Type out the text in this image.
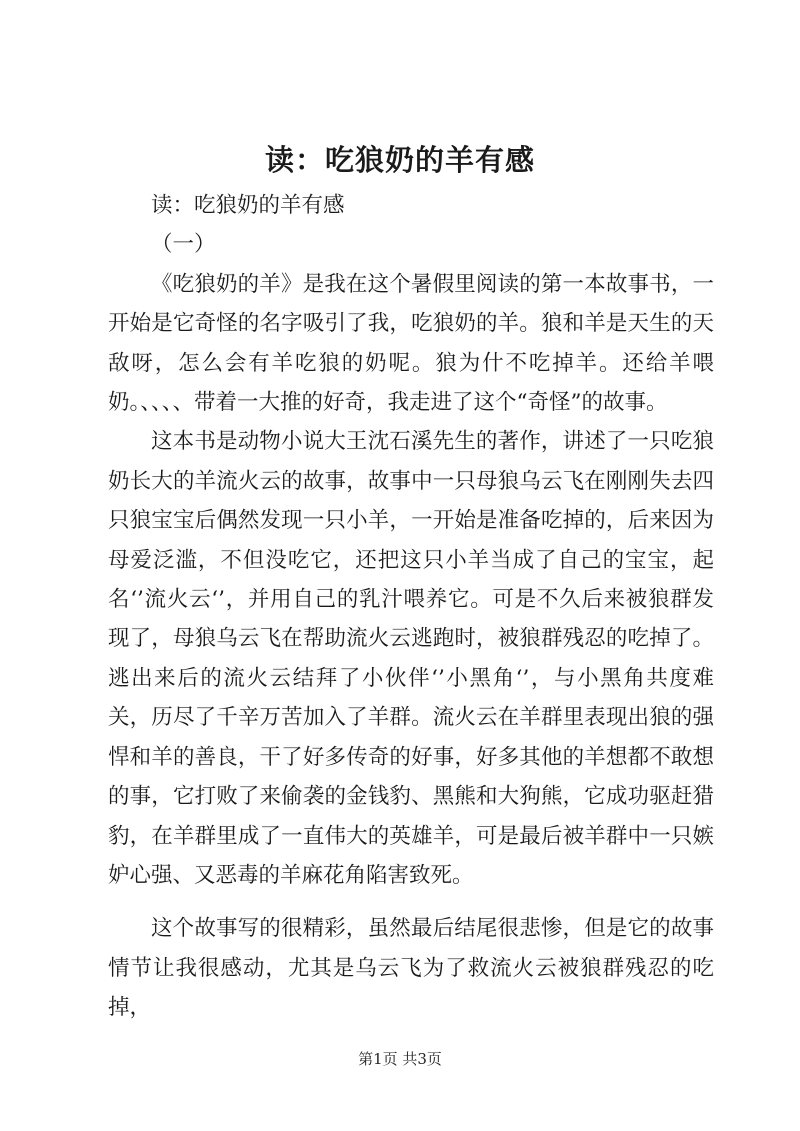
读：吃狼奶的羊有感

读：吃狼奶的羊有感

（一）

《吃狼奶的羊》是我在这个暑假里阅读的第一本故事书，一开始是它奇怪的名字吸引了我，吃狼奶的羊。狼和羊是天生的天敌呀，怎么会有羊吃狼的奶呢。狼为什不吃掉羊。还给羊喂奶。、、、、带着一大推的好奇，我走进了这个“奇怪”的故事。

这本书是动物小说大王沈石溪先生的著作，讲述了一只吃狼奶长大的羊流火云的故事，故事中一只母狼乌云飞在刚刚失去四只狼宝宝后偶然发现一只小羊，一开始是准备吃掉的，后来因为母爱泛滥，不但没吃它，还把这只小羊当成了自己的宝宝，起名‘’流火云‘’，并用自己的乳汁喂养它。可是不久后来被狼群发现了，母狼乌云飞在帮助流火云逃跑时，被狼群残忍的吃掉了。逃出来后的流火云结拜了小伙伴‘’小黑角‘’，与小黑角共度难关，历尽了千辛万苦加入了羊群。流火云在羊群里表现出狼的强悍和羊的善良，干了好多传奇的好事，好多其他的羊想都不敢想的事，它打败了来偷袭的金钱豹、黑熊和大狗熊，它成功驱赶猎豹，在羊群里成了一直伟大的英雄羊，可是最后被羊群中一只嫉妒心强、又恶毒的羊麻花角陷害致死。

这个故事写的很精彩，虽然最后结尾很悲惨，但是它的故事情节让我很感动，尤其是乌云飞为了救流火云被狼群残忍的吃掉，

第1页 共3页
